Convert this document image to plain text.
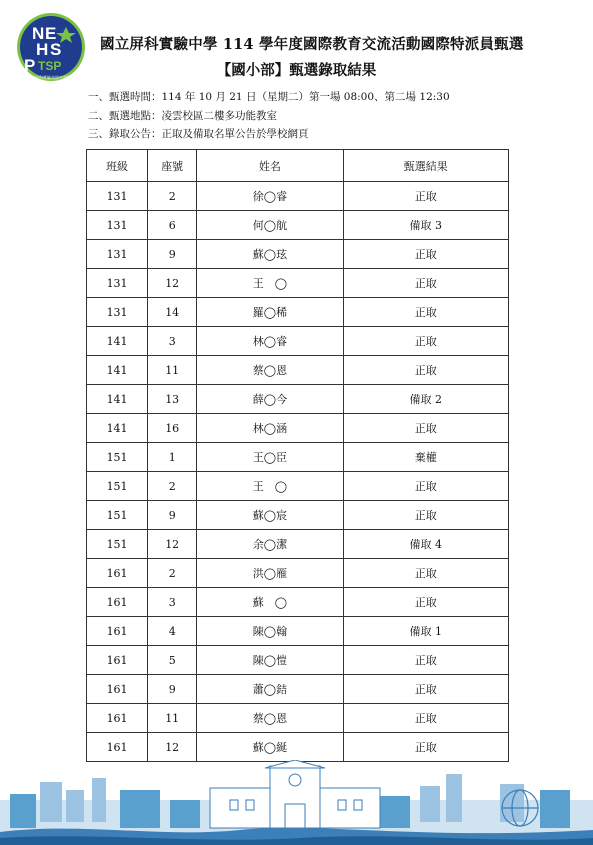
N E
H S
P TSP
國立屏科實驗高級中等學校
國立屏科實驗中學 114 學年度國際教育交流活動國際特派員甄選
【國小部】甄選錄取結果
一、甄選時間：114 年 10 月 21 日（星期二）第一場 08:00、第二場 12:30
二、甄選地點：凌雲校區二樓多功能教室
三、錄取公告：正取及備取名單公告於學校網頁
班級	座號	姓名	甄選結果
131	2	徐◯睿	正取
131	6	何◯航	備取 3
131	9	蘇◯玹	正取
131	12	王　◯	正取
131	14	羅◯稀	正取
141	3	林◯睿	正取
141	11	蔡◯恩	正取
141	13	薛◯今	備取 2
141	16	林◯涵	正取
151	1	王◯臣	棄權
151	2	王　◯	正取
151	9	蘇◯宸	正取
151	12	余◯潔	備取 4
161	2	洪◯雁	正取
161	3	蘇　◯	正取
161	4	陳◯翰	備取 1
161	5	陳◯愷	正取
161	9	蕭◯銡	正取
161	11	蔡◯恩	正取
161	12	蘇◯綖	正取
